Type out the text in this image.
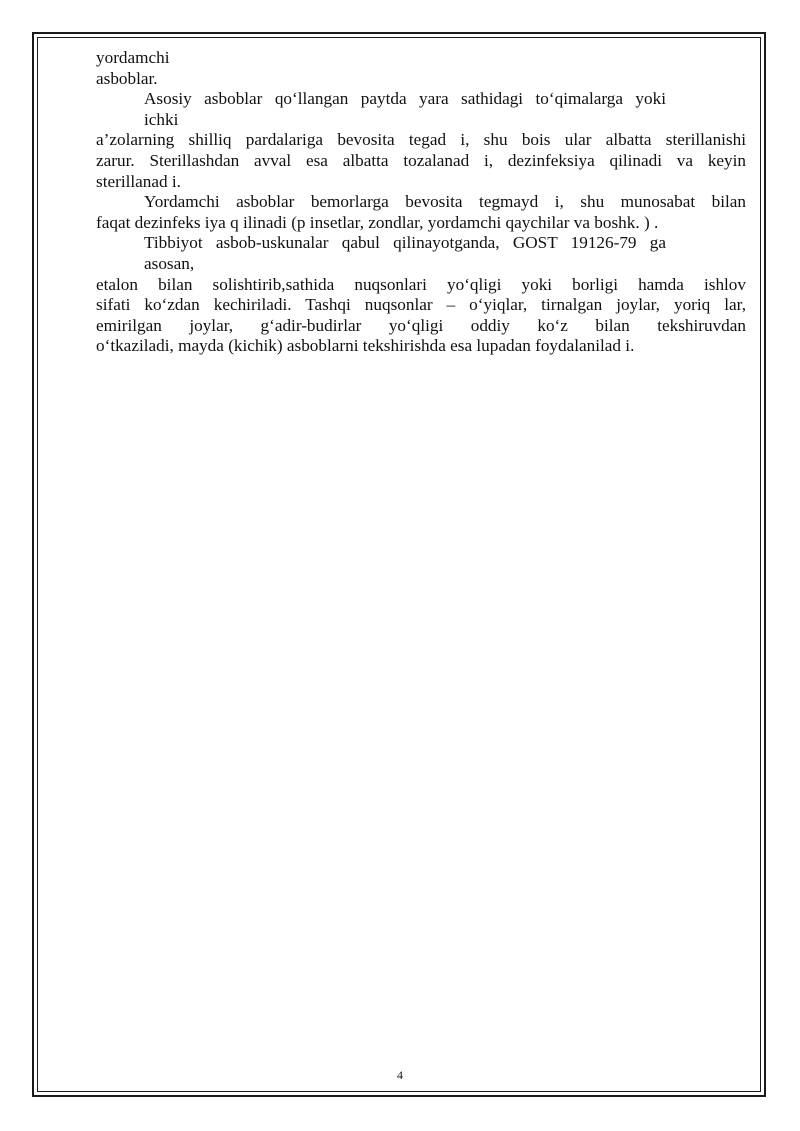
yordamchi
asboblar.
Asosiy asboblar qo‘llangan paytda yara sathidagi to‘qimalarga yoki
ichki
a’zolarning shilliq pardalariga bevosita tegad i, shu bois ular albatta sterillanishi
zarur. Sterillashdan avval esa albatta tozalanad i, dezinfeksiya qilinadi va keyin
sterillanad i.
Yordamchi asboblar bemorlarga bevosita tegmayd i, shu munosabat bilan
faqat dezinfeks iya q ilinadi (p insetlar, zondlar, yordamchi qaychilar va boshk. ) .
Tibbiyot asbob-uskunalar qabul qilinayotganda, GOST 19126-79 ga
asosan,
etalon bilan solishtirib,sathida nuqsonlari yo‘qligi yoki borligi hamda ishlov
sifati ko‘zdan kechiriladi. Tashqi nuqsonlar – o‘yiqlar, tirnalgan joylar, yoriq lar,
emirilgan joylar, g‘adir-budirlar yo‘qligi oddiy ko‘z bilan tekshiruvdan
o‘tkaziladi, mayda (kichik) asboblarni tekshirishda esa lupadan foydalanilad i.
4
